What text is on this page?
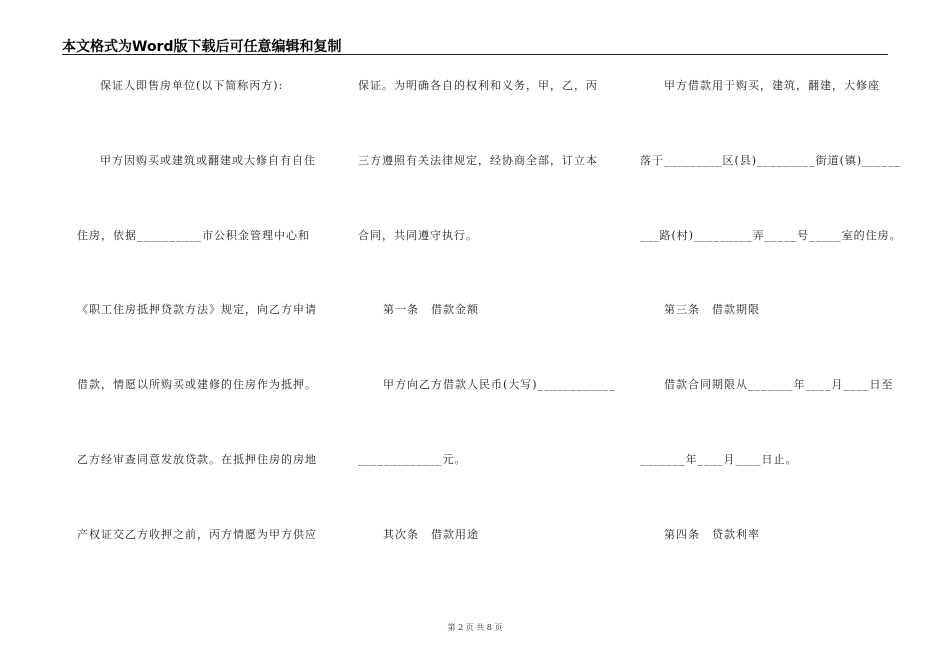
本文格式为Word版下载后可任意编辑和复制
保证人即售房单位(以下简称丙方):
甲方因购买或建筑或翻建或大修自有自住
住房，依据__________市公积金管理中心和
《职工住房抵押贷款方法》规定，向乙方申请
借款，情愿以所购买或建修的住房作为抵押。
乙方经审查同意发放贷款。在抵押住房的房地
产权证交乙方收押之前，丙方情愿为甲方供应
保证。为明确各自的权利和义务，甲，乙，丙
三方遵照有关法律规定，经协商全部，订立本
合同，共同遵守执行。
第一条　借款金额
甲方向乙方借款人民币(大写)____________
_____________元。
其次条　借款用途
甲方借款用于购买，建筑，翻建，大修座
落于_________区(县)_________街道(镇)______
___路(村)_________弄_____号_____室的住房。
第三条　借款期限
借款合同期限从_______年____月____日至
_______年____月____日止。
第四条　贷款利率
第 2 页 共 8 页
